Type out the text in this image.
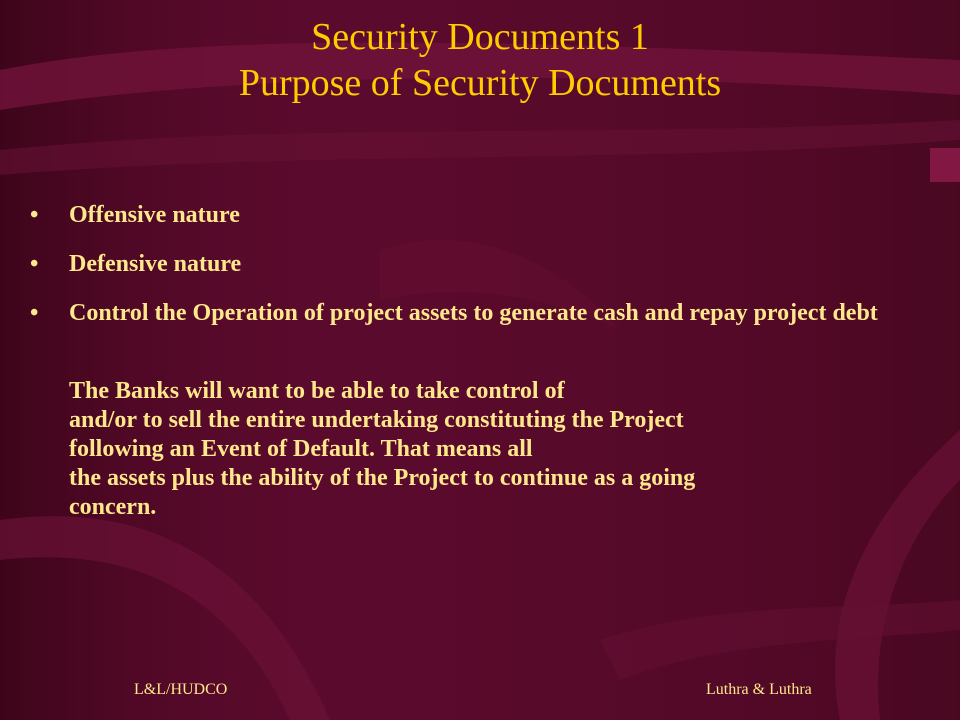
Security Documents 1
Purpose of Security Documents
• Offensive nature
• Defensive nature
• Control the Operation of project assets to generate cash and repay project debt
The Banks will want to be able to take control of
and/or to sell the entire undertaking constituting the Project
following an Event of Default. That means all
the assets plus the ability of the Project to continue as a going
concern.
L&L/HUDCO	Luthra & Luthra
